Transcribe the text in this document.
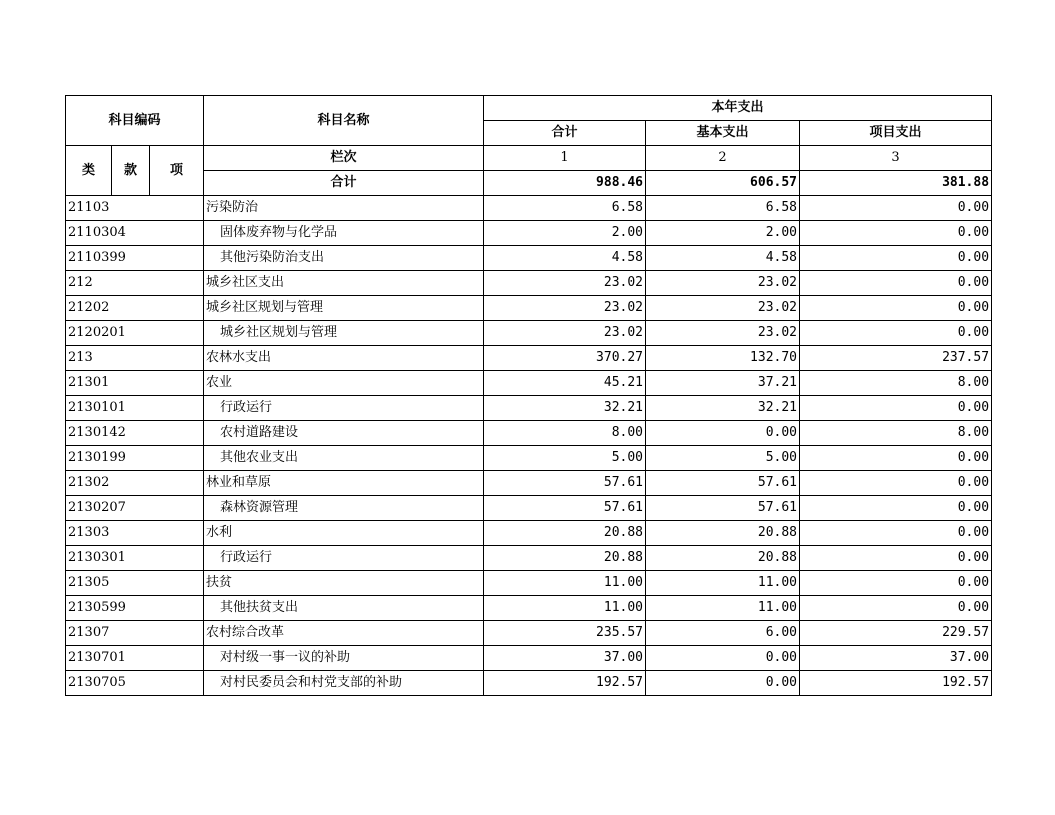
科目编码			科目名称	本年支出		
				合计	基本支出	项目支出
类	款	项	栏次	1	2	3
			合计	988.46	606.57	381.88
21103			污染防治	6.58	6.58	0.00
2110304			固体废弃物与化学品	2.00	2.00	0.00
2110399			其他污染防治支出	4.58	4.58	0.00
212			城乡社区支出	23.02	23.02	0.00
21202			城乡社区规划与管理	23.02	23.02	0.00
2120201			城乡社区规划与管理	23.02	23.02	0.00
213			农林水支出	370.27	132.70	237.57
21301			农业	45.21	37.21	8.00
2130101			行政运行	32.21	32.21	0.00
2130142			农村道路建设	8.00	0.00	8.00
2130199			其他农业支出	5.00	5.00	0.00
21302			林业和草原	57.61	57.61	0.00
2130207			森林资源管理	57.61	57.61	0.00
21303			水利	20.88	20.88	0.00
2130301			行政运行	20.88	20.88	0.00
21305			扶贫	11.00	11.00	0.00
2130599			其他扶贫支出	11.00	11.00	0.00
21307			农村综合改革	235.57	6.00	229.57
2130701			对村级一事一议的补助	37.00	0.00	37.00
2130705			对村民委员会和村党支部的补助	192.57	0.00	192.57
